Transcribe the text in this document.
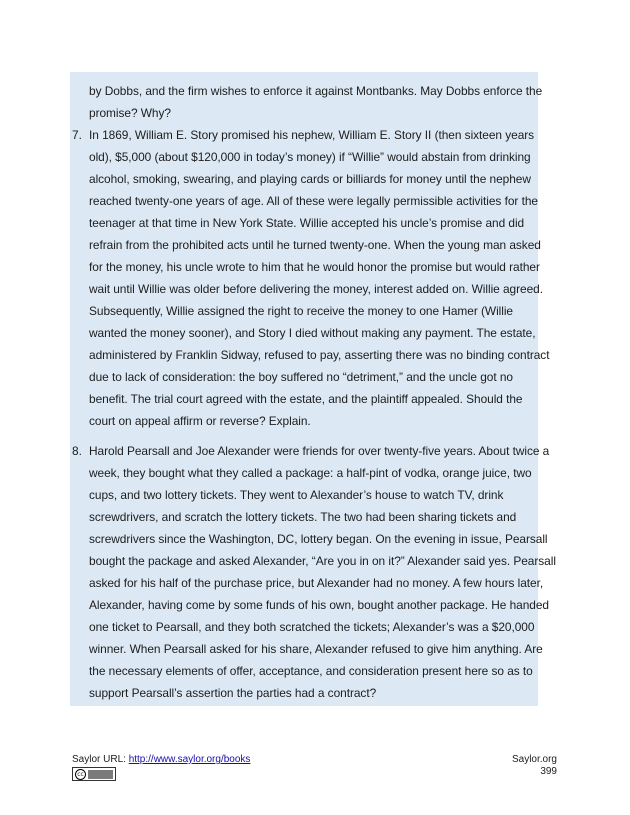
by Dobbs, and the firm wishes to enforce it against Montbanks. May Dobbs enforce the
promise? Why?
7. In 1869, William E. Story promised his nephew, William E. Story II (then sixteen years
old), $5,000 (about $120,000 in today’s money) if “Willie” would abstain from drinking
alcohol, smoking, swearing, and playing cards or billiards for money until the nephew
reached twenty-one years of age. All of these were legally permissible activities for the
teenager at that time in New York State. Willie accepted his uncle’s promise and did
refrain from the prohibited acts until he turned twenty-one. When the young man asked
for the money, his uncle wrote to him that he would honor the promise but would rather
wait until Willie was older before delivering the money, interest added on. Willie agreed.
Subsequently, Willie assigned the right to receive the money to one Hamer (Willie
wanted the money sooner), and Story I died without making any payment. The estate,
administered by Franklin Sidway, refused to pay, asserting there was no binding contract
due to lack of consideration: the boy suffered no “detriment,” and the uncle got no
benefit. The trial court agreed with the estate, and the plaintiff appealed. Should the
court on appeal affirm or reverse? Explain.
8. Harold Pearsall and Joe Alexander were friends for over twenty-five years. About twice a
week, they bought what they called a package: a half-pint of vodka, orange juice, two
cups, and two lottery tickets. They went to Alexander’s house to watch TV, drink
screwdrivers, and scratch the lottery tickets. The two had been sharing tickets and
screwdrivers since the Washington, DC, lottery began. On the evening in issue, Pearsall
bought the package and asked Alexander, “Are you in on it?” Alexander said yes. Pearsall
asked for his half of the purchase price, but Alexander had no money. A few hours later,
Alexander, having come by some funds of his own, bought another package. He handed
one ticket to Pearsall, and they both scratched the tickets; Alexander’s was a $20,000
winner. When Pearsall asked for his share, Alexander refused to give him anything. Are
the necessary elements of offer, acceptance, and consideration present here so as to
support Pearsall’s assertion the parties had a contract?
Saylor URL: http://www.saylor.org/books
cc
Saylor.org
399
